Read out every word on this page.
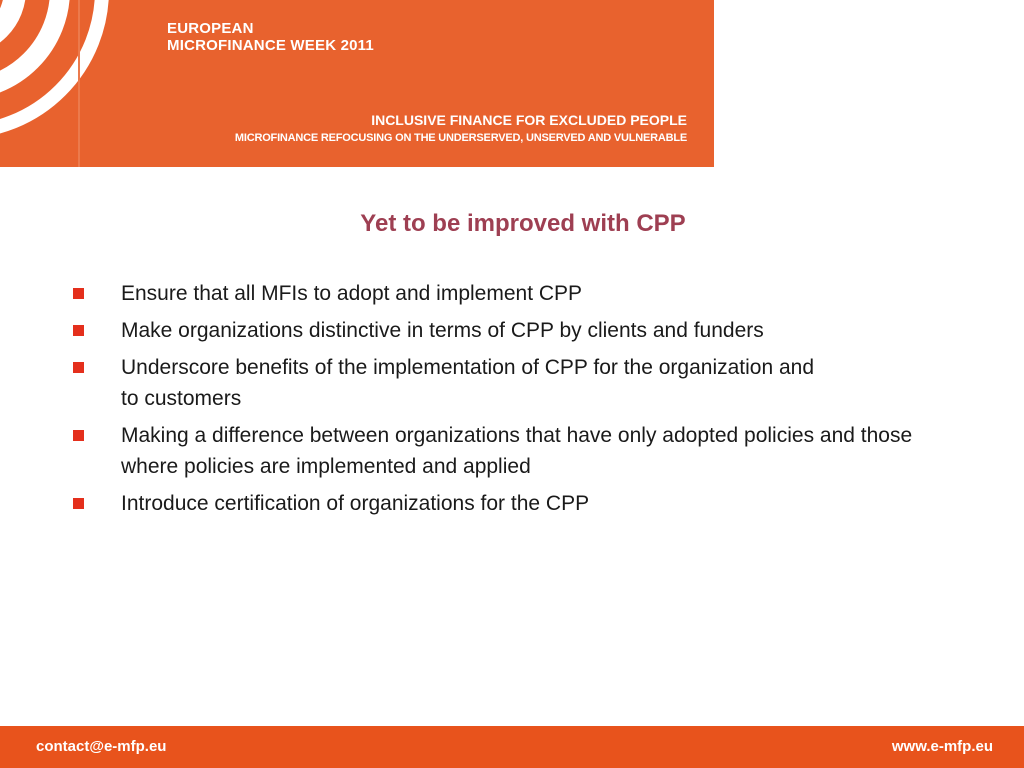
EUROPEAN
MICROFINANCE WEEK 2011
INCLUSIVE FINANCE FOR EXCLUDED PEOPLE
MICROFINANCE REFOCUSING ON THE UNDERSERVED, UNSERVED AND VULNERABLE
Yet to be improved with CPP
Ensure that all MFIs to adopt and implement CPP
Make organizations distinctive in terms of CPP by clients and funders
Underscore benefits of the implementation of CPP for the organization and to customers
Making a difference between organizations that have only adopted policies and those where policies are implemented and applied
Introduce certification of organizations for the CPP
contact@e-mfp.eu	www.e-mfp.eu
